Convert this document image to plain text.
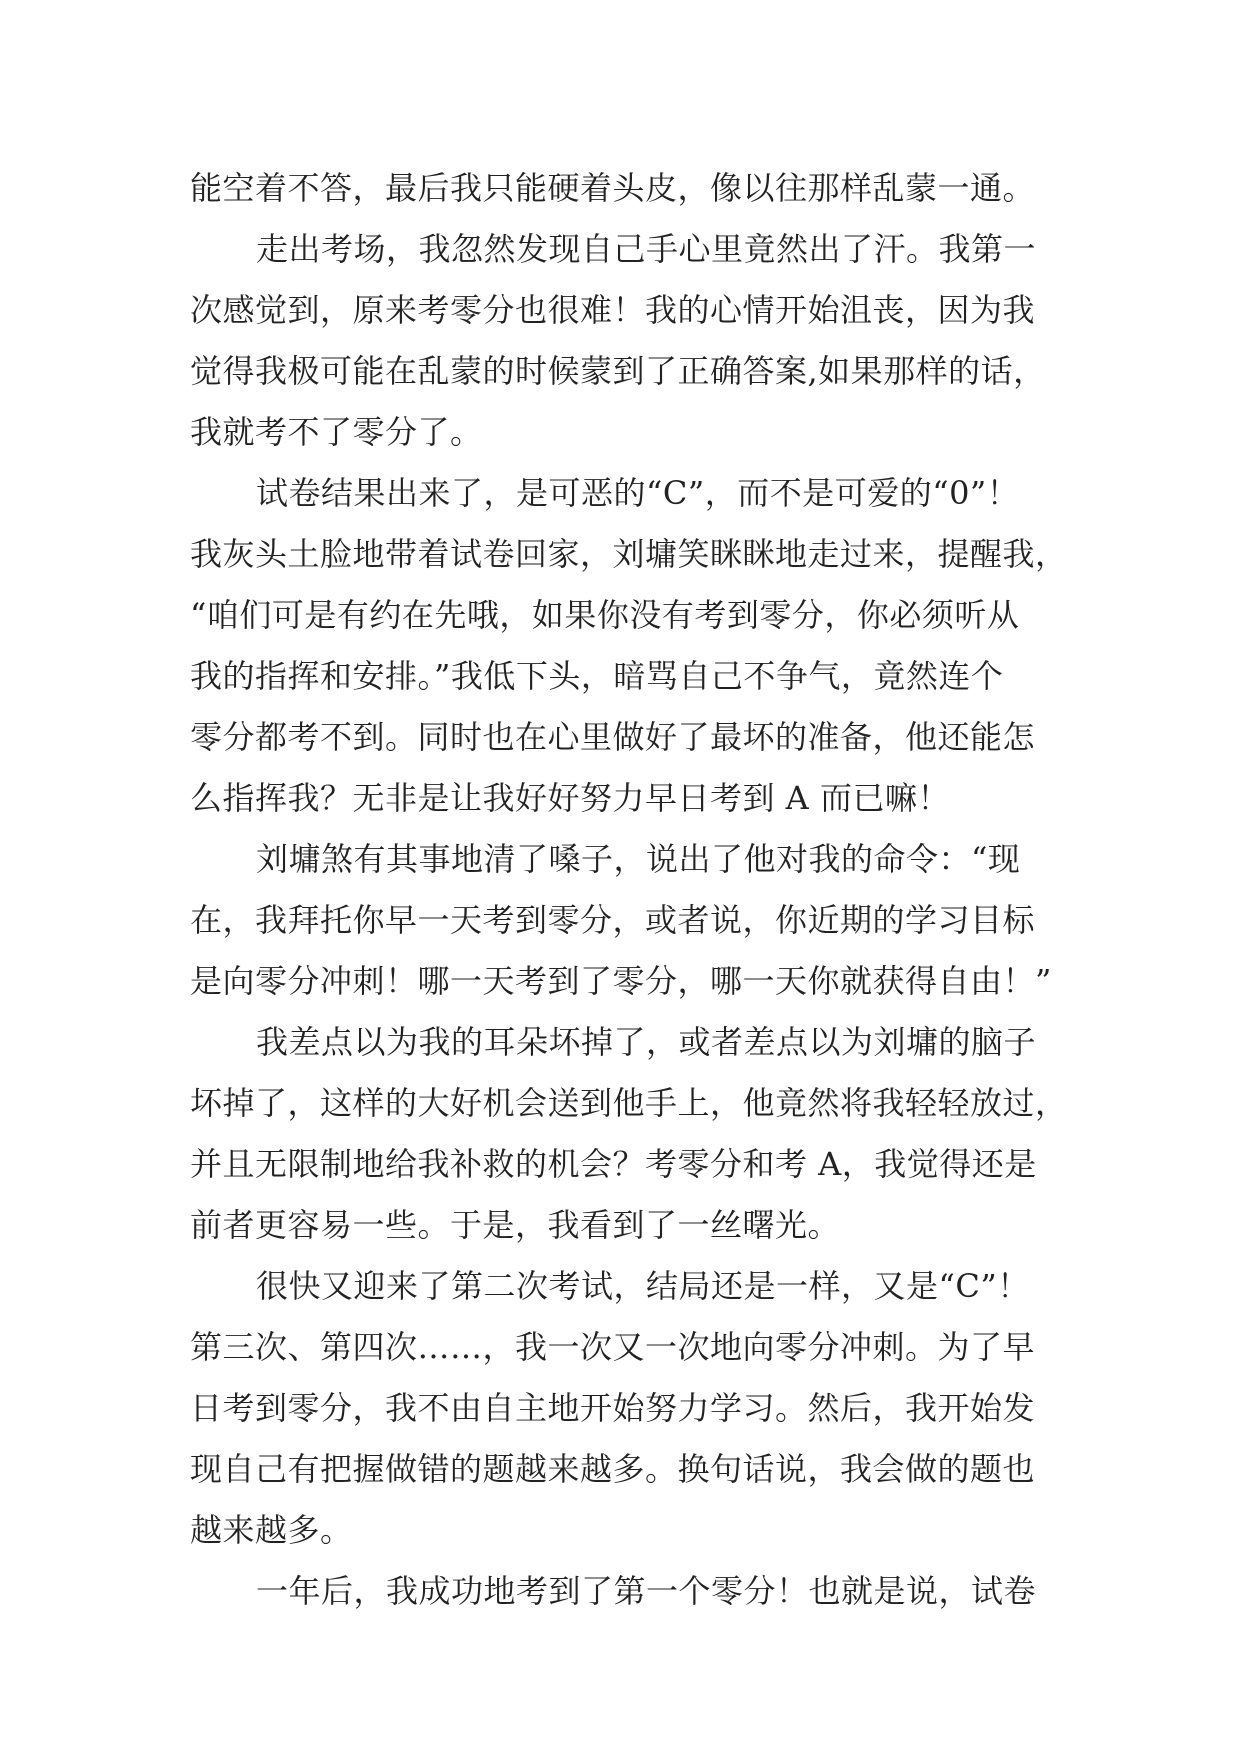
能空着不答，最后我只能硬着头皮，像以往那样乱蒙一通。
走出考场，我忽然发现自己手心里竟然出了汗。我第一
次感觉到，原来考零分也很难！我的心情开始沮丧，因为我
觉得我极可能在乱蒙的时候蒙到了正确答案,如果那样的话，
我就考不了零分了。
试卷结果出来了，是可恶的“C”，而不是可爱的“0”！
我灰头土脸地带着试卷回家，刘墉笑眯眯地走过来，提醒我，
“咱们可是有约在先哦，如果你没有考到零分，你必须听从
我的指挥和安排。”我低下头，暗骂自己不争气，竟然连个
零分都考不到。同时也在心里做好了最坏的准备，他还能怎
么指挥我？无非是让我好好努力早日考到 A 而已嘛！
刘墉煞有其事地清了嗓子，说出了他对我的命令：“现
在，我拜托你早一天考到零分，或者说，你近期的学习目标
是向零分冲刺！哪一天考到了零分，哪一天你就获得自由！”
我差点以为我的耳朵坏掉了，或者差点以为刘墉的脑子
坏掉了，这样的大好机会送到他手上，他竟然将我轻轻放过，
并且无限制地给我补救的机会？考零分和考 A，我觉得还是
前者更容易一些。于是，我看到了一丝曙光。
很快又迎来了第二次考试，结局还是一样，又是“C”！
第三次、第四次……，我一次又一次地向零分冲刺。为了早
日考到零分，我不由自主地开始努力学习。然后，我开始发
现自己有把握做错的题越来越多。换句话说，我会做的题也
越来越多。
一年后，我成功地考到了第一个零分！也就是说，试卷
